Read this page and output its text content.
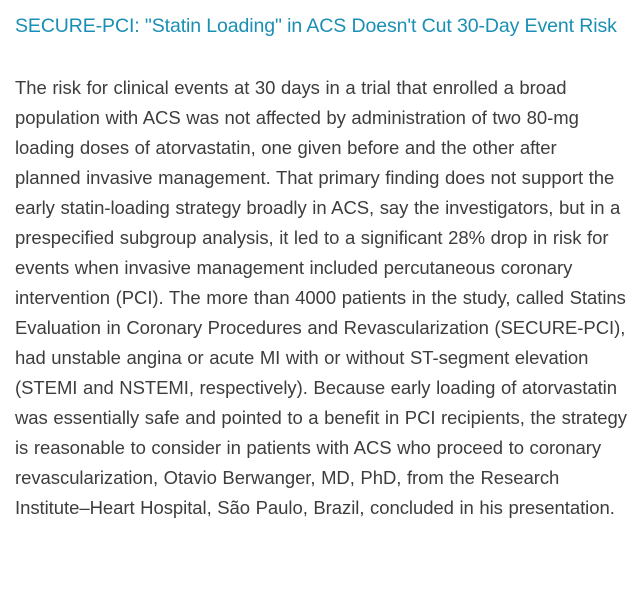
SECURE-PCI: "Statin Loading" in ACS Doesn't Cut 30-Day Event Risk

The risk for clinical events at 30 days in a trial that enrolled a broad population with ACS was not affected by administration of two 80-mg loading doses of atorvastatin, one given before and the other after planned invasive management. That primary finding does not support the early statin-loading strategy broadly in ACS, say the investigators, but in a prespecified subgroup analysis, it led to a significant 28% drop in risk for events when invasive management included percutaneous coronary intervention (PCI). The more than 4000 patients in the study, called Statins Evaluation in Coronary Procedures and Revascularization (SECURE-PCI), had unstable angina or acute MI with or without ST-segment elevation (STEMI and NSTEMI, respectively). Because early loading of atorvastatin was essentially safe and pointed to a benefit in PCI recipients, the strategy is reasonable to consider in patients with ACS who proceed to coronary revascularization, Otavio Berwanger, MD, PhD, from the Research Institute–Heart Hospital, São Paulo, Brazil, concluded in his presentation.
